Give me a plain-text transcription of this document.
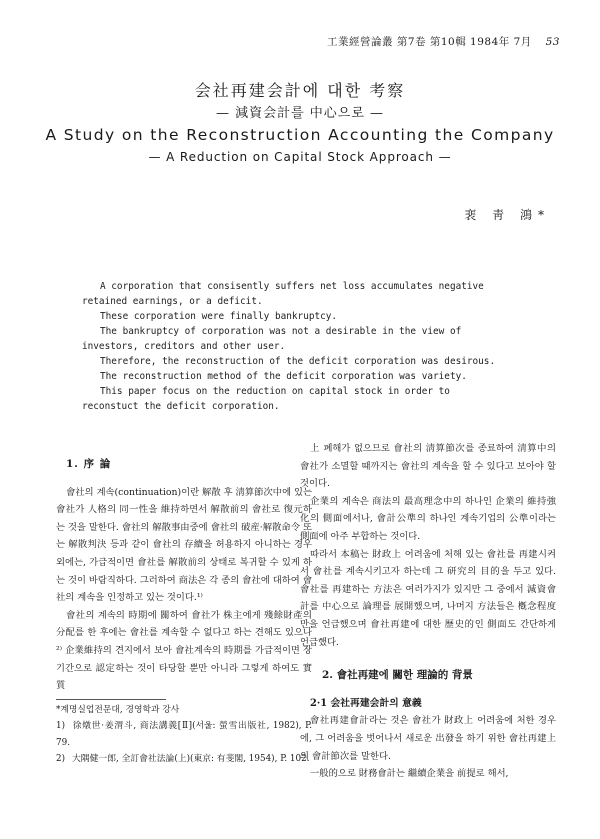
工業經營論叢 第7卷 第10輯 1984年 7月 53
会社再建会計에 대한 考察
— 減資会計를 中心으로 —
A Study on the Reconstruction Accounting the Company
— A Reduction on Capital Stock Approach —
裵 靑 鴻*

A corporation that consisently suffers net loss accumulates negative retained earnings, or a deficit.

These corporation were finally bankruptcy.

The bankruptcy of corporation was not a desirable in the view of investors, creditors and other user.

Therefore, the reconstruction of the deficit corporation was desirous.

The reconstruction method of the deficit corporation was variety.

This paper focus on the reduction on capital stock in order to reconstuct the deficit corporation.

1. 序 論

會社의 계속(continuation)이란 解散 후 淸算節次中에 있는 會社가 人格의 同一性을 維持하면서 解散前의 會社로 復元하는 것을 말한다. 會社의 解散事由중에 會社의 破産·解散命令 또는 解散判決 등과 같이 會社의 存續을 허용하지 아니하는 경우 외에는, 가급적이면 會社를 解散前의 상태로 복귀할 수 있게 하는 것이 바람직하다. 그러하여 商法은 각 종의 會社에 대하여 會社의 계속을 인정하고 있는 것이다.¹⁾

會社의 계속의 時期에 關하여 會社가 株主에게 殘餘財產의 分配를 한 후에는 會社를 계속할 수 없다고 하는 견해도 있으나²⁾ 企業維持의 견지에서 보아 會社계속의 時期를 가급적이면 장기간으로 認定하는 것이 타당할 뿐만 아니라 그렇게 하여도 實質

*계명실업전문대, 경영학과 강사

1) 徐燉世·姜渭斗, 商法講義[Ⅱ](서울: 螢雪出版社, 1982), P. 79.

2) 大隅健一郎, 全訂會社法論(上)(東京: 有斐閣, 1954), P. 102.

上 폐해가 없으므로 會社의 淸算節次를 종료하여 淸算中의 會社가 소멸할 때까지는 會社의 계속을 할 수 있다고 보아야 할 것이다.

企業의 계속은 商法의 最高理念中의 하나인 企業의 維持強化의 側面에서나, 會計公準의 하나인 계속기업의 公準이라는 側面에 아주 부합하는 것이다.

따라서 本稿는 財政上 어려움에 처해 있는 會社를 再建시켜서 會社를 계속시키고자 하는데 그 研究의 目的을 두고 있다. 會社를 再建하는 方法은 여러가지가 있지만 그 중에서 減資會計를 中心으로 論理를 展開했으며, 나머지 方法들은 槪念程度만을 언급했으며 會社再建에 대한 歷史的인 側面도 간단하게 언급했다.

2. 會社再建에 關한 理論的 背景
2·1 会社再建会計의 意義

會社再建會計라는 것은 會社가 財政上 어려움에 처한 경우에, 그 어려움을 벗어나서 새로운 出發을 하기 위한 會社再建上의 會計節次를 말한다.

一般的으로 財務會計는 繼續企業을 前提로 해서,
